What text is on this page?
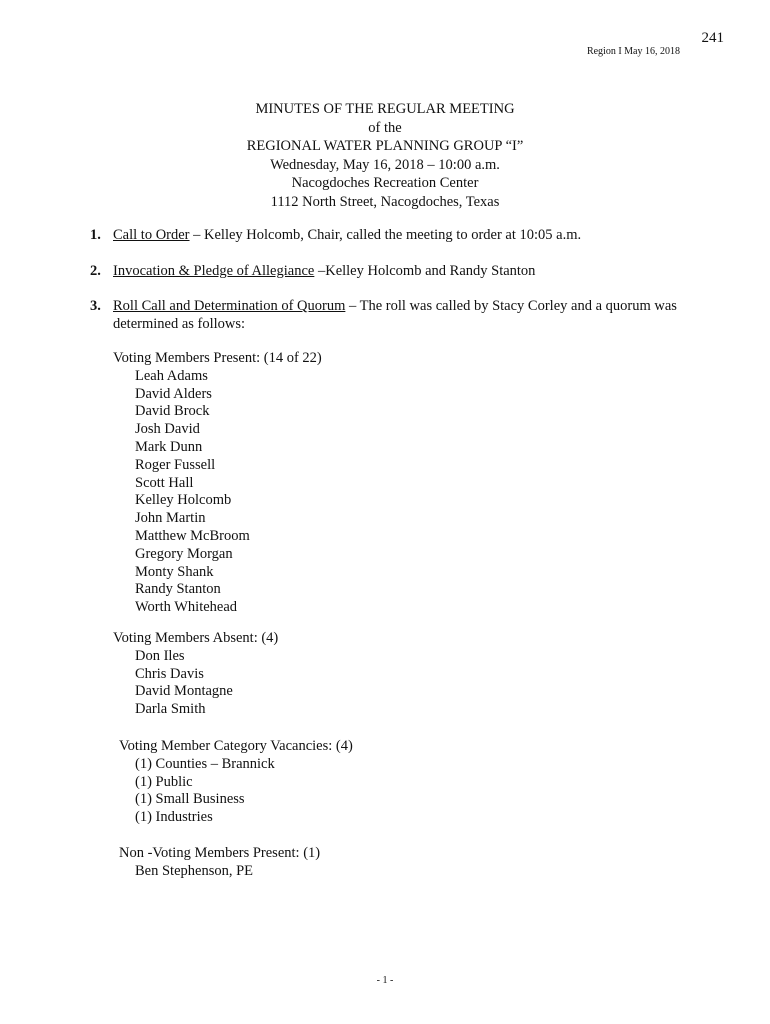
241
Region I May 16, 2018
MINUTES OF THE REGULAR MEETING
of the
REGIONAL WATER PLANNING GROUP “I”
Wednesday, May 16, 2018 – 10:00 a.m.
Nacogdoches Recreation Center
1112 North Street, Nacogdoches, Texas
1. Call to Order – Kelley Holcomb, Chair, called the meeting to order at 10:05 a.m.
2. Invocation & Pledge of Allegiance –Kelley Holcomb and Randy Stanton
3. Roll Call and Determination of Quorum – The roll was called by Stacy Corley and a quorum was determined as follows:
Voting Members Present: (14 of 22)
Leah Adams
David Alders
David Brock
Josh David
Mark Dunn
Roger Fussell
Scott Hall
Kelley Holcomb
John Martin
Matthew McBroom
Gregory Morgan
Monty Shank
Randy Stanton
Worth Whitehead
Voting Members Absent: (4)
Don Iles
Chris Davis
David Montagne
Darla Smith
Voting Member Category Vacancies: (4)
(1) Counties – Brannick
(1) Public
(1) Small Business
(1) Industries
Non -Voting Members Present: (1)
Ben Stephenson, PE
- 1 -
